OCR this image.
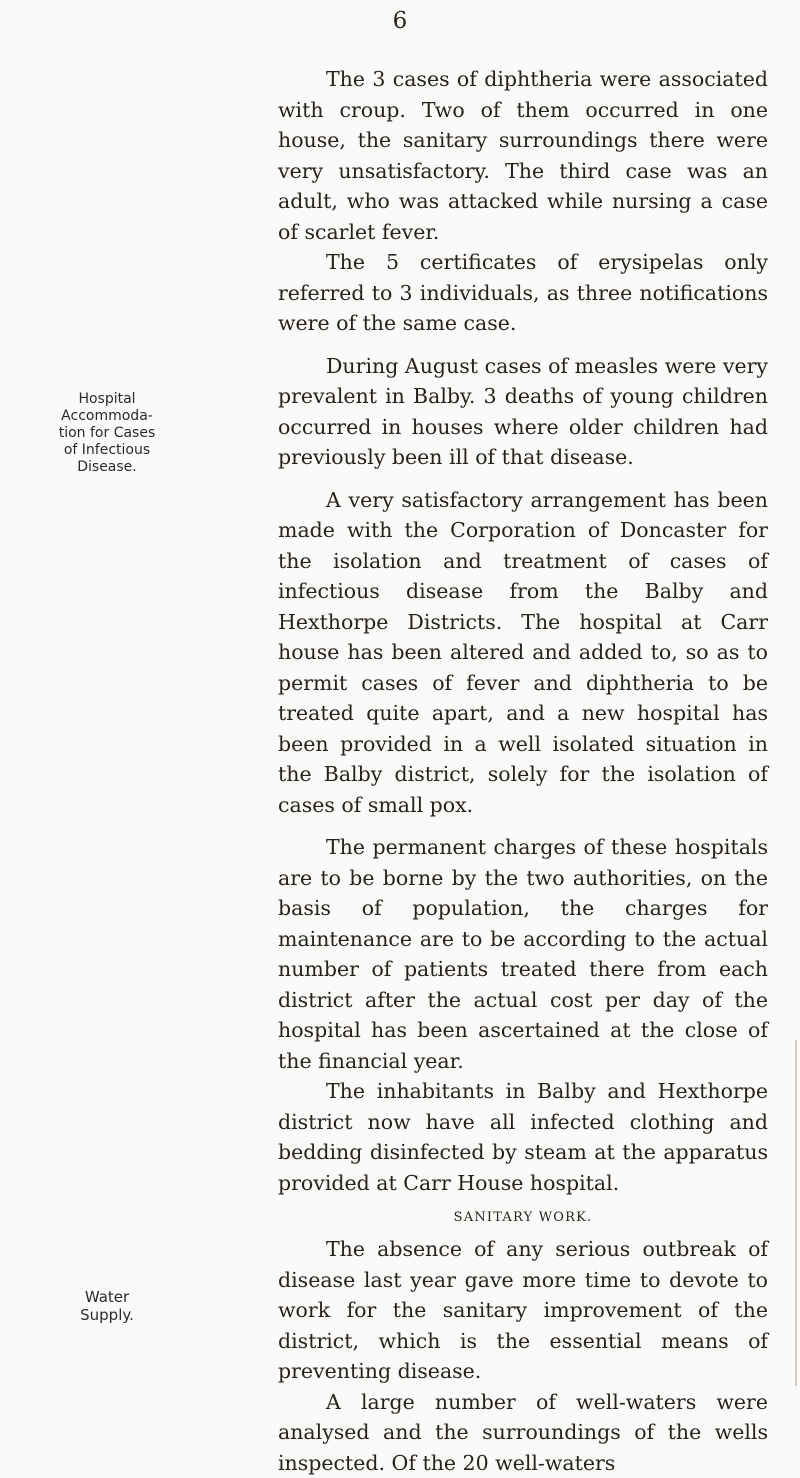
6
Hospital
Accommoda-
tion for Cases
of Infectious
Disease.
Water
Supply.

The 3 cases of diphtheria were associated with croup. Two of them occurred in one house, the sanitary surroundings there were very unsatisfactory. The third case was an adult, who was attacked while nursing a case of scarlet fever.

The 5 certificates of erysipelas only referred to 3 individuals, as three notifications were of the same case.

During August cases of measles were very prevalent in Balby. 3 deaths of young children occurred in houses where older children had previously been ill of that disease.

A very satisfactory arrangement has been made with the Corporation of Doncaster for the isolation and treatment of cases of infectious disease from the Balby and Hexthorpe Districts. The hospital at Carr house has been altered and added to, so as to permit cases of fever and diphtheria to be treated quite apart, and a new hospital has been provided in a well isolated situation in the Balby district, solely for the isolation of cases of small pox.

The permanent charges of these hospitals are to be borne by the two authorities, on the basis of population, the charges for maintenance are to be according to the actual number of patients treated there from each district after the actual cost per day of the hospital has been ascertained at the close of the financial year.

The inhabitants in Balby and Hexthorpe district now have all infected clothing and bedding disinfected by steam at the apparatus provided at Carr House hospital.

SANITARY WORK.

The absence of any serious outbreak of disease last year gave more time to devote to work for the sanitary improvement of the district, which is the essential means of preventing disease.

A large number of well-waters were analysed and the surroundings of the wells inspected. Of the 20 well-waters
